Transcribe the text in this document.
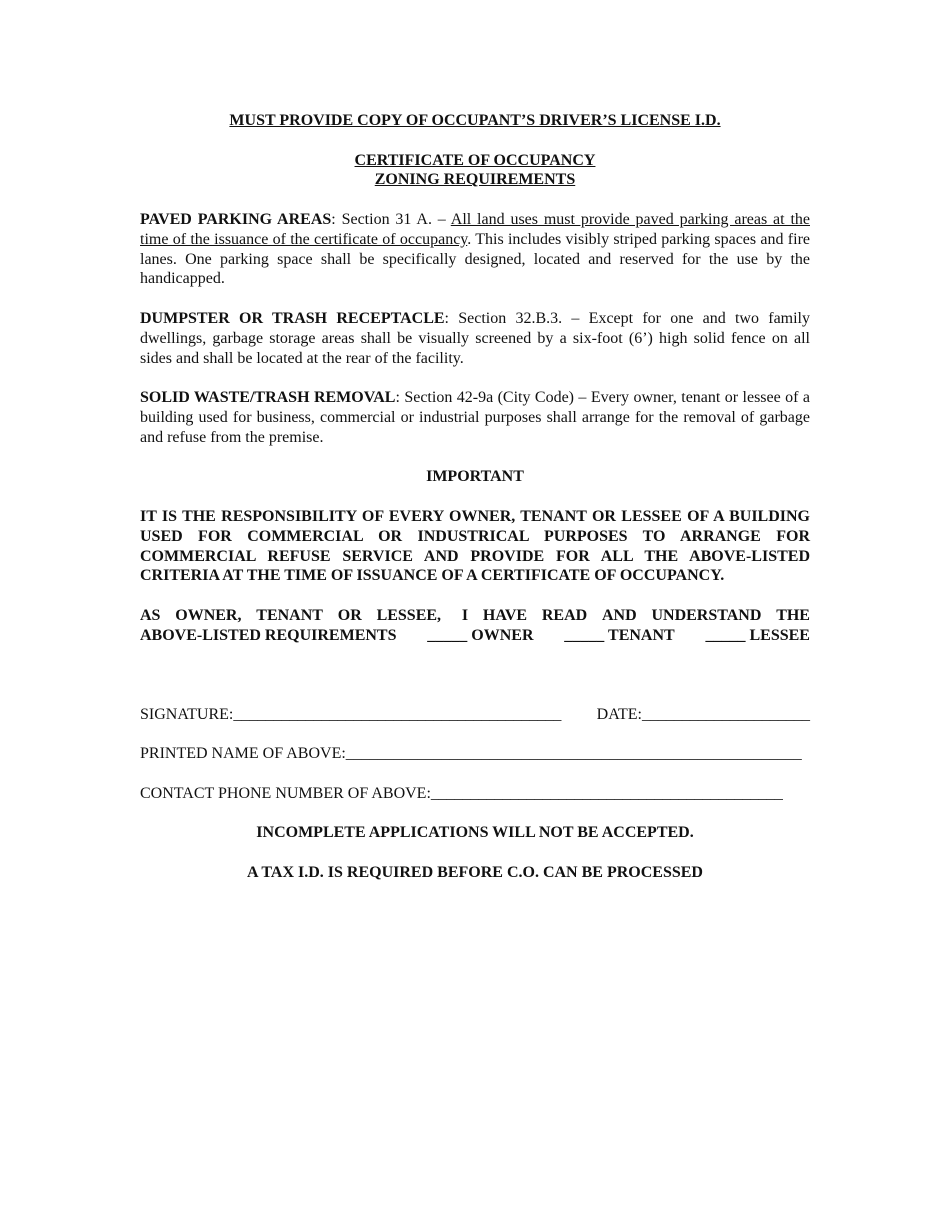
MUST PROVIDE COPY OF OCCUPANT’S DRIVER’S LICENSE I.D.

CERTIFICATE OF OCCUPANCY
ZONING REQUIREMENTS

PAVED PARKING AREAS: Section 31 A. – All land uses must provide paved parking areas at the time of the issuance of the certificate of occupancy. This includes visibly striped parking spaces and fire lanes. One parking space shall be specifically designed, located and reserved for the use by the handicapped.

DUMPSTER OR TRASH RECEPTACLE: Section 32.B.3. – Except for one and two family dwellings, garbage storage areas shall be visually screened by a six-foot (6’) high solid fence on all sides and shall be located at the rear of the facility.

SOLID WASTE/TRASH REMOVAL: Section 42-9a (City Code) – Every owner, tenant or lessee of a building used for business, commercial or industrial purposes shall arrange for the removal of garbage and refuse from the premise.

IMPORTANT

IT IS THE RESPONSIBILITY OF EVERY OWNER, TENANT OR LESSEE OF A BUILDING USED FOR COMMERCIAL OR INDUSTRICAL PURPOSES TO ARRANGE FOR COMMERCIAL REFUSE SERVICE AND PROVIDE FOR ALL THE ABOVE-LISTED CRITERIA AT THE TIME OF ISSUANCE OF A CERTIFICATE OF OCCUPANCY.

AS OWNER, TENANT OR LESSEE, I HAVE READ AND UNDERSTAND THE
ABOVE-LISTED REQUIREMENTS _____ OWNER _____ TENANT _____ LESSEE
SIGNATURE:_________________________________________ DATE:_____________________

PRINTED NAME OF ABOVE:_________________________________________________________

CONTACT PHONE NUMBER OF ABOVE:____________________________________________

INCOMPLETE APPLICATIONS WILL NOT BE ACCEPTED.

A TAX I.D. IS REQUIRED BEFORE C.O. CAN BE PROCESSED
